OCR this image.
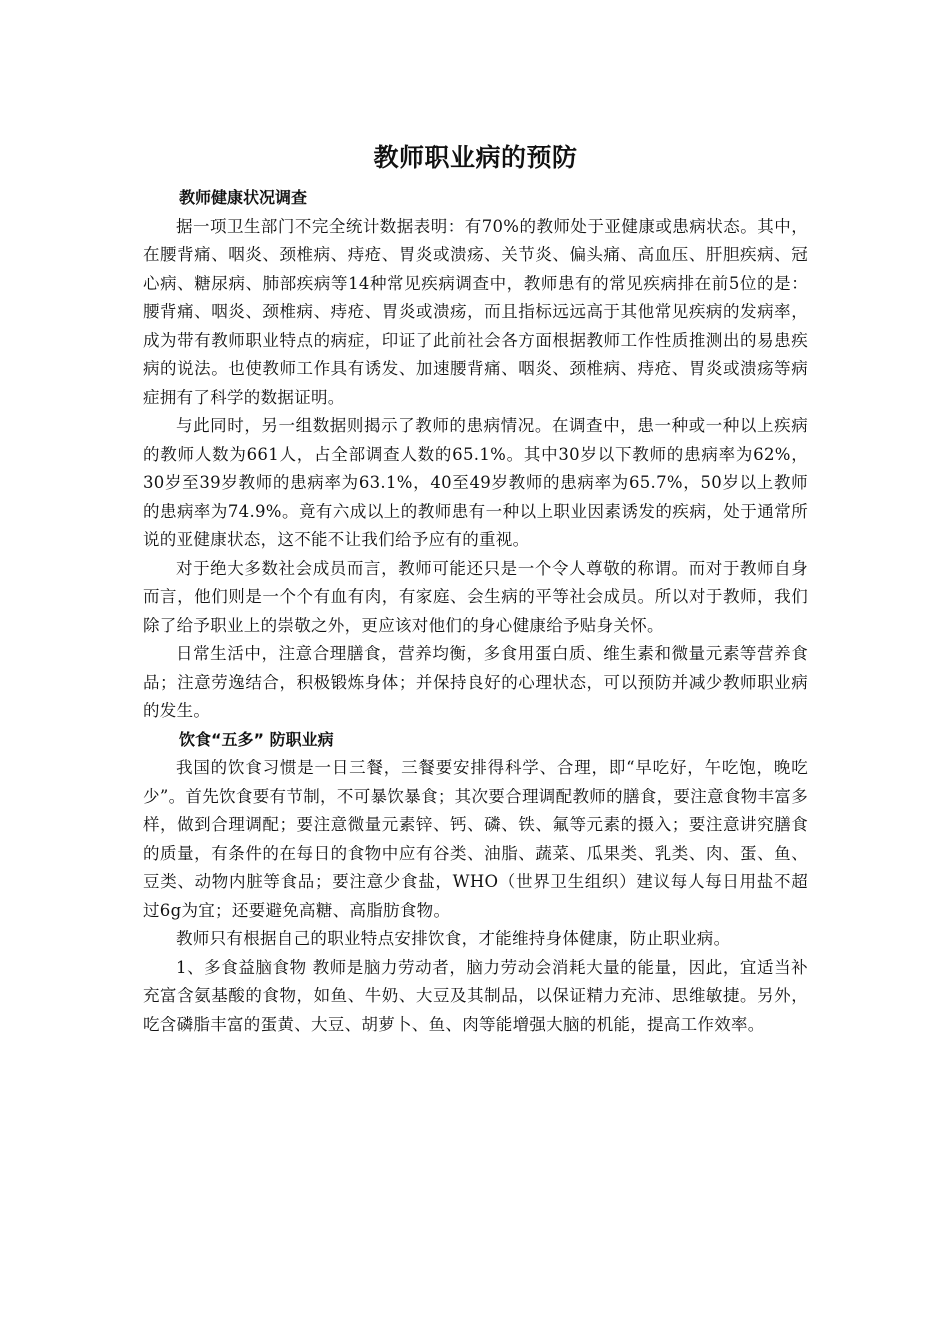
教师职业病的预防
教师健康状况调查

据一项卫生部门不完全统计数据表明：有70%的教师处于亚健康或患病状态。其中，在腰背痛、咽炎、颈椎病、痔疮、胃炎或溃疡、关节炎、偏头痛、高血压、肝胆疾病、冠心病、糖尿病、肺部疾病等14种常见疾病调查中，教师患有的常见疾病排在前5位的是：腰背痛、咽炎、颈椎病、痔疮、胃炎或溃疡，而且指标远远高于其他常见疾病的发病率，成为带有教师职业特点的病症，印证了此前社会各方面根据教师工作性质推测出的易患疾病的说法。也使教师工作具有诱发、加速腰背痛、咽炎、颈椎病、痔疮、胃炎或溃疡等病症拥有了科学的数据证明。

与此同时，另一组数据则揭示了教师的患病情况。在调查中，患一种或一种以上疾病的教师人数为661人，占全部调查人数的65.1%。其中30岁以下教师的患病率为62%，30岁至39岁教师的患病率为63.1%，40至49岁教师的患病率为65.7%，50岁以上教师的患病率为74.9%。竟有六成以上的教师患有一种以上职业因素诱发的疾病，处于通常所说的亚健康状态，这不能不让我们给予应有的重视。

对于绝大多数社会成员而言，教师可能还只是一个令人尊敬的称谓。而对于教师自身而言，他们则是一个个有血有肉，有家庭、会生病的平等社会成员。所以对于教师，我们除了给予职业上的崇敬之外，更应该对他们的身心健康给予贴身关怀。

日常生活中，注意合理膳食，营养均衡，多食用蛋白质、维生素和微量元素等营养食品；注意劳逸结合，积极锻炼身体；并保持良好的心理状态，可以预防并减少教师职业病的发生。

饮食“五多” 防职业病

我国的饮食习惯是一日三餐，三餐要安排得科学、合理，即“早吃好，午吃饱，晚吃少”。首先饮食要有节制，不可暴饮暴食；其次要合理调配教师的膳食，要注意食物丰富多样，做到合理调配；要注意微量元素锌、钙、磷、铁、氟等元素的摄入；要注意讲究膳食的质量，有条件的在每日的食物中应有谷类、油脂、蔬菜、瓜果类、乳类、肉、蛋、鱼、豆类、动物内脏等食品；要注意少食盐，WHO（世界卫生组织）建议每人每日用盐不超过6g为宜；还要避免高糖、高脂肪食物。

教师只有根据自己的职业特点安排饮食，才能维持身体健康，防止职业病。

1、多食益脑食物 教师是脑力劳动者，脑力劳动会消耗大量的能量，因此，宜适当补充富含氨基酸的食物，如鱼、牛奶、大豆及其制品，以保证精力充沛、思维敏捷。另外，吃含磷脂丰富的蛋黄、大豆、胡萝卜、鱼、肉等能增强大脑的机能，提高工作效率。
